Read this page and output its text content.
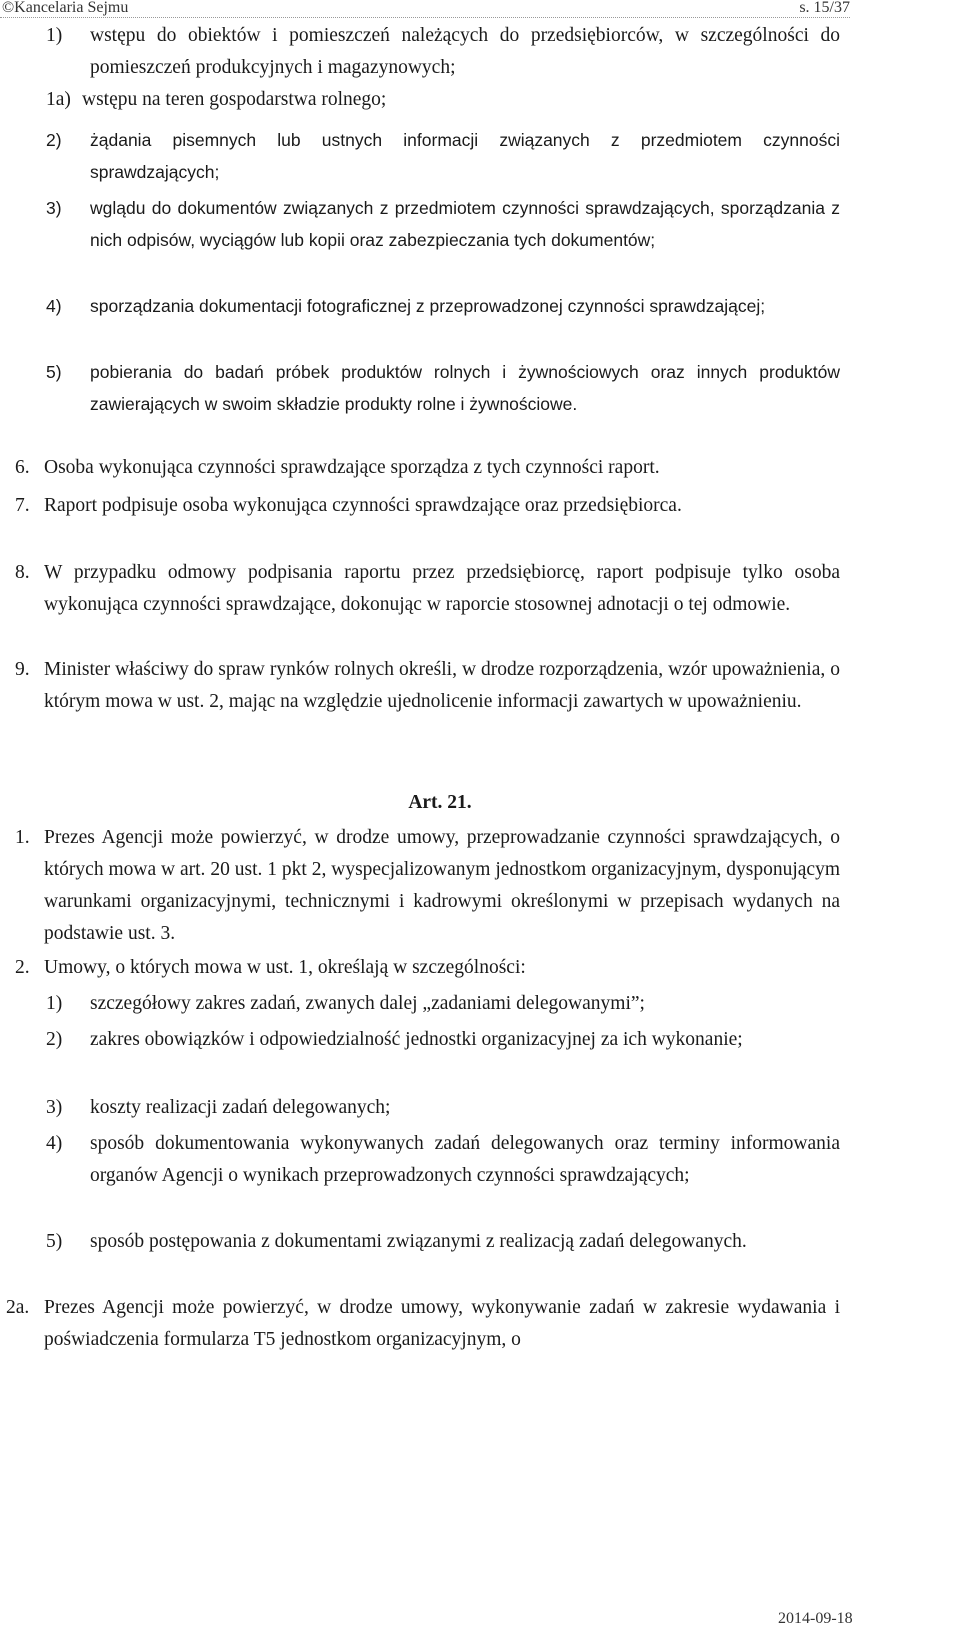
©Kancelaria Sejmu	s. 15/37
1)	wstępu do obiektów i pomieszczeń należących do przedsiębiorców, w szczególności do pomieszczeń produkcyjnych i magazynowych;
1a) wstępu na teren gospodarstwa rolnego;
2)	żądania pisemnych lub ustnych informacji związanych z przedmiotem czynności sprawdzających;
3)	wglądu do dokumentów związanych z przedmiotem czynności sprawdzających, sporządzania z nich odpisów, wyciągów lub kopii oraz zabezpieczania tych dokumentów;
4)	sporządzania dokumentacji fotograficznej z przeprowadzonej czynności sprawdzającej;
5)	pobierania do badań próbek produktów rolnych i żywnościowych oraz innych produktów zawierających w swoim składzie produkty rolne i żywnościowe.
6. Osoba wykonująca czynności sprawdzające sporządza z tych czynności raport.
7. Raport podpisuje osoba wykonująca czynności sprawdzające oraz przedsiębiorca.
8. W przypadku odmowy podpisania raportu przez przedsiębiorcę, raport podpisuje tylko osoba wykonująca czynności sprawdzające, dokonując w raporcie stosownej adnotacji o tej odmowie.
9. Minister właściwy do spraw rynków rolnych określi, w drodze rozporządzenia, wzór upoważnienia, o którym mowa w ust. 2, mając na względzie ujednolicenie informacji zawartych w upoważnieniu.
Art. 21.
1. Prezes Agencji może powierzyć, w drodze umowy, przeprowadzanie czynności sprawdzających, o których mowa w art. 20 ust. 1 pkt 2, wyspecjalizowanym jednostkom organizacyjnym, dysponującym warunkami organizacyjnymi, technicznymi i kadrowymi określonymi w przepisach wydanych na podstawie ust. 3.
2. Umowy, o których mowa w ust. 1, określają w szczególności:
1)	szczegółowy zakres zadań, zwanych dalej „zadaniami delegowanymi”;
2)	zakres obowiązków i odpowiedzialność jednostki organizacyjnej za ich wykonanie;
3)	koszty realizacji zadań delegowanych;
4)	sposób dokumentowania wykonywanych zadań delegowanych oraz terminy informowania organów Agencji o wynikach przeprowadzonych czynności sprawdzających;
5)	sposób postępowania z dokumentami związanymi z realizacją zadań delegowanych.
2a. Prezes Agencji może powierzyć, w drodze umowy, wykonywanie zadań w zakresie wydawania i poświadczenia formularza T5 jednostkom organizacyjnym, o
2014-09-18
